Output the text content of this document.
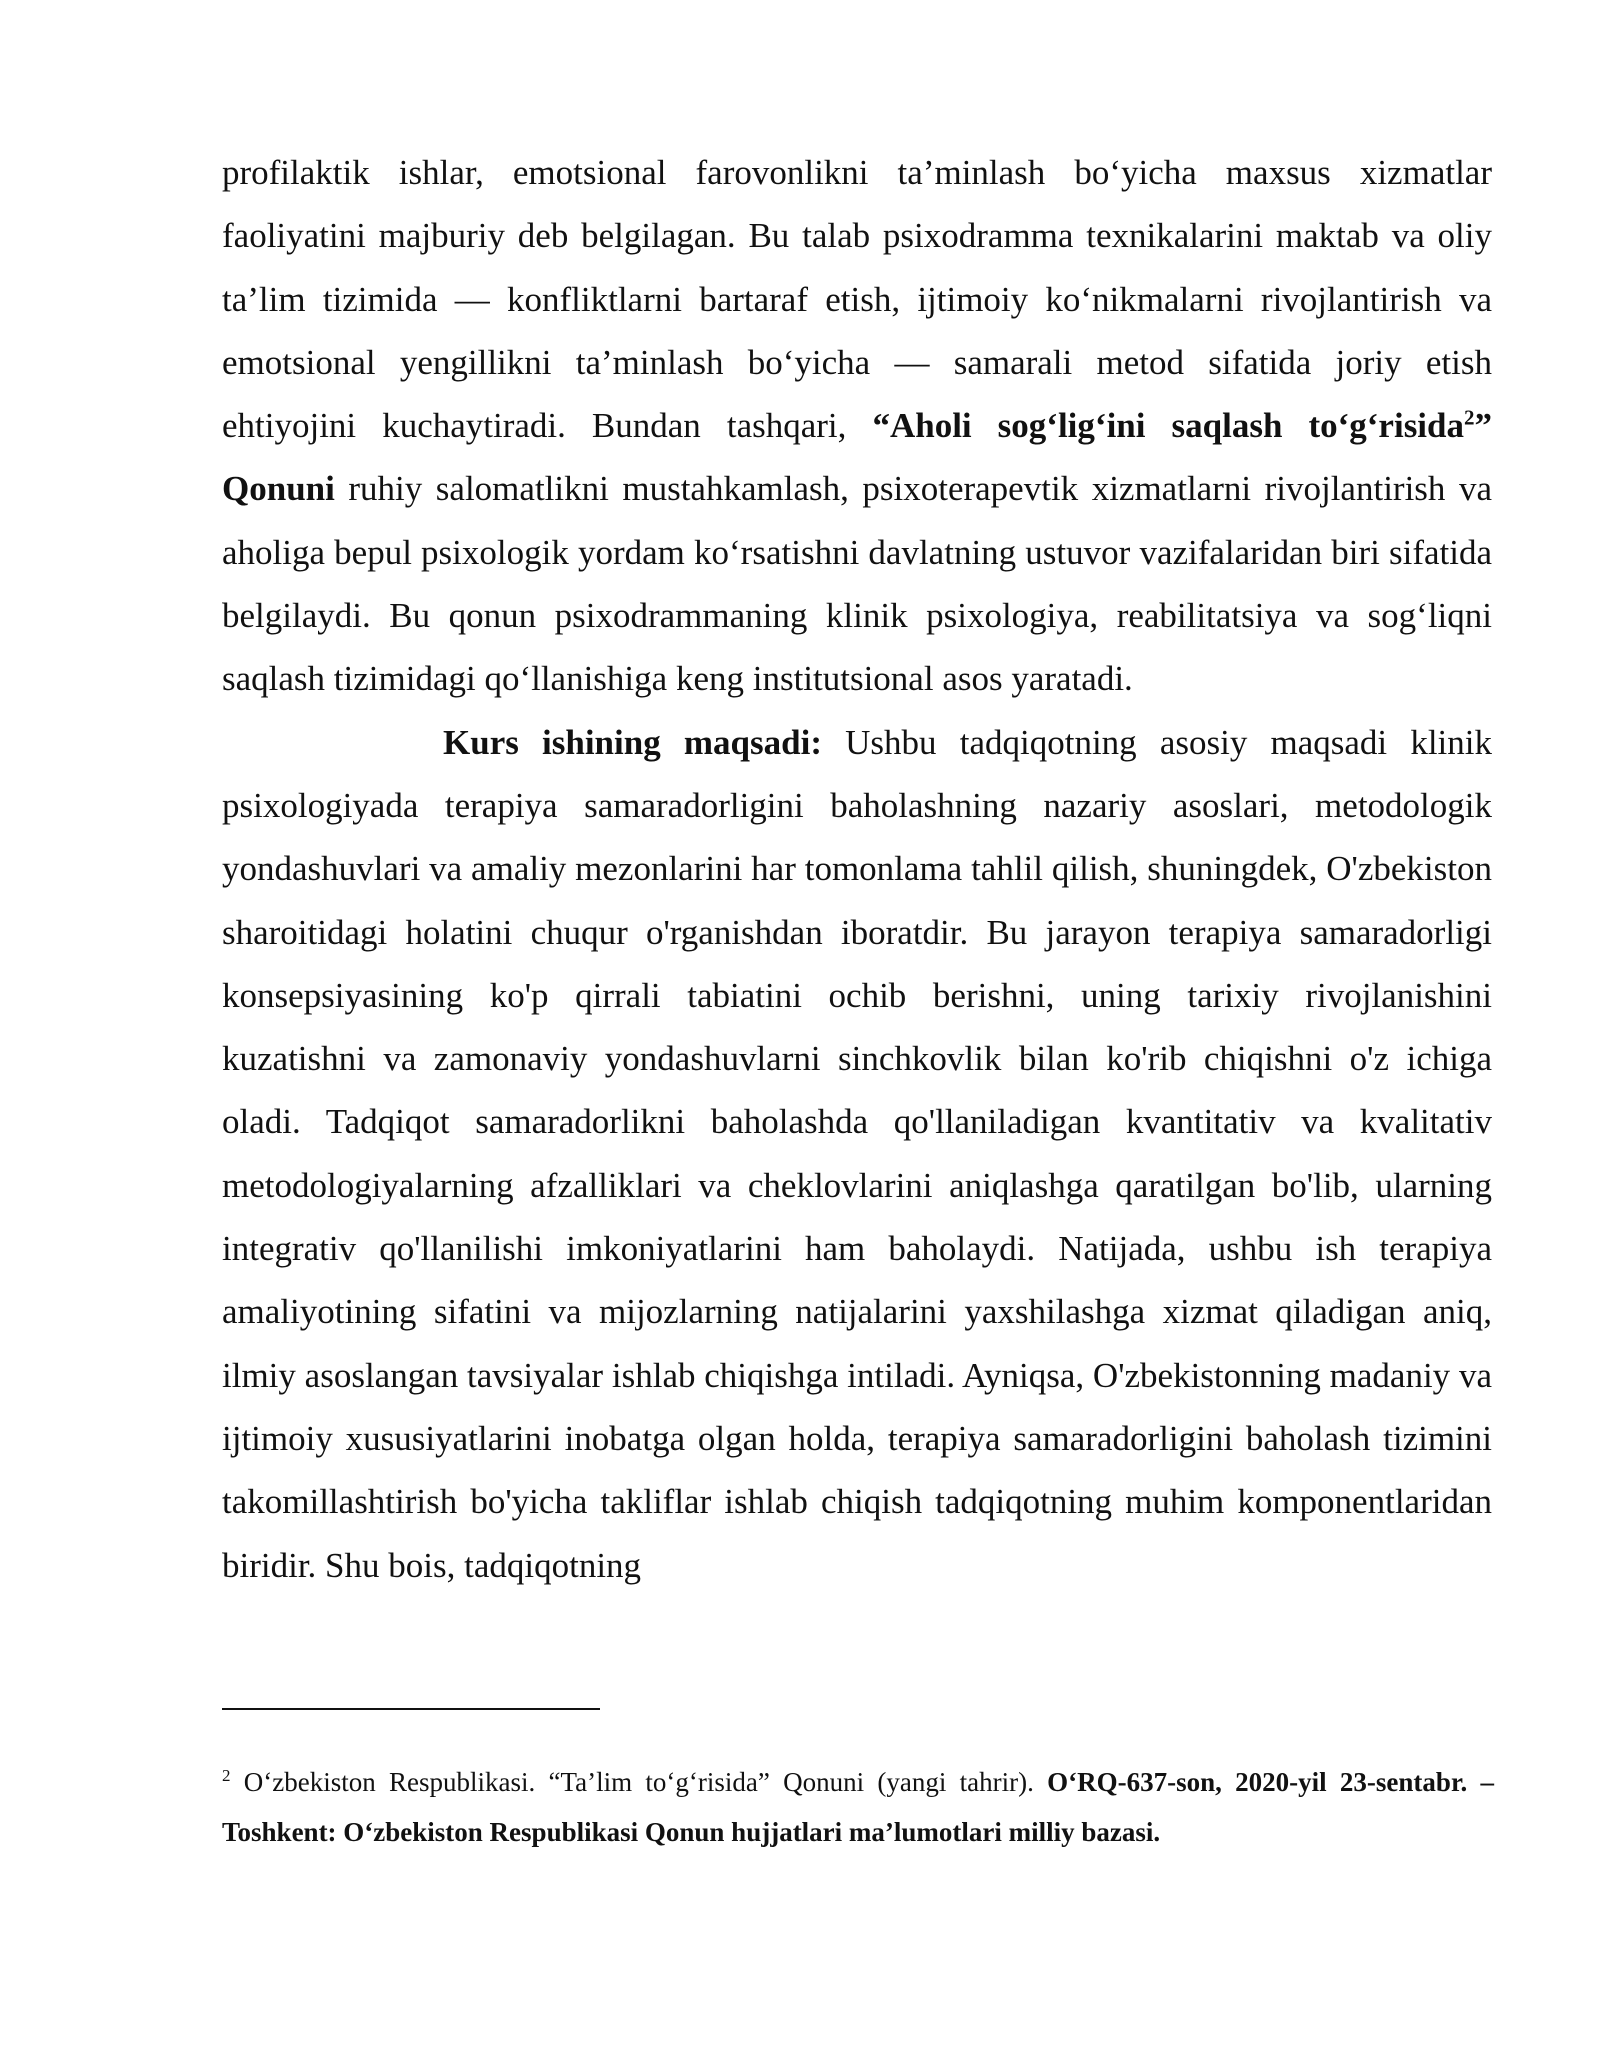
profilaktik ishlar, emotsional farovonlikni ta’minlash bo‘yicha maxsus xizmatlar faoliyatini majburiy deb belgilagan. Bu talab psixodramma texnikalarini maktab va oliy ta’lim tizimida — konfliktlarni bartaraf etish, ijtimoiy ko‘nikmalarni rivojlantirish va emotsional yengillikni ta’minlash bo‘yicha — samarali metod sifatida joriy etish ehtiyojini kuchaytiradi. Bundan tashqari, “Aholi sog‘lig‘ini saqlash to‘g‘risida$^2$” Qonuni ruhiy salomatlikni mustahkamlash, psixoterapevtik xizmatlarni rivojlantirish va aholiga bepul psixologik yordam ko‘rsatishni davlatning ustuvor vazifalaridan biri sifatida belgilaydi. Bu qonun psixodrammaning klinik psixologiya, reabilitatsiya va sog‘liqni saqlash tizimidagi qo‘llanishiga keng institutsional asos yaratadi.

Kurs ishining maqsadi: Ushbu tadqiqotning asosiy maqsadi klinik psixologiyada terapiya samaradorligini baholashning nazariy asoslari, metodologik yondashuvlari va amaliy mezonlarini har tomonlama tahlil qilish, shuningdek, O'zbekiston sharoitidagi holatini chuqur o'rganishdan iboratdir. Bu jarayon terapiya samaradorligi konsepsiyasining ko'p qirrali tabiatini ochib berishni, uning tarixiy rivojlanishini kuzatishni va zamonaviy yondashuvlarni sinchkovlik bilan ko'rib chiqishni o'z ichiga oladi. Tadqiqot samaradorlikni baholashda qo'llaniladigan kvantitativ va kvalitativ metodologiyalarning afzalliklari va cheklovlarini aniqlashga qaratilgan bo'lib, ularning integrativ qo'llanilishi imkoniyatlarini ham baholaydi. Natijada, ushbu ish terapiya amaliyotining sifatini va mijozlarning natijalarini yaxshilashga xizmat qiladigan aniq, ilmiy asoslangan tavsiyalar ishlab chiqishga intiladi. Ayniqsa, O'zbekistonning madaniy va ijtimoiy xususiyatlarini inobatga olgan holda, terapiya samaradorligini baholash tizimini takomillashtirish bo'yicha takliflar ishlab chiqish tadqiqotning muhim komponentlaridan biridir. Shu bois, tadqiqotning

$^2$ O‘zbekiston Respublikasi. “Ta’lim to‘g‘risida” Qonuni (yangi tahrir). O‘RQ-637-son, 2020-yil 23-sentabr. – Toshkent: O‘zbekiston Respublikasi Qonun hujjatlari ma’lumotlari milliy bazasi.
